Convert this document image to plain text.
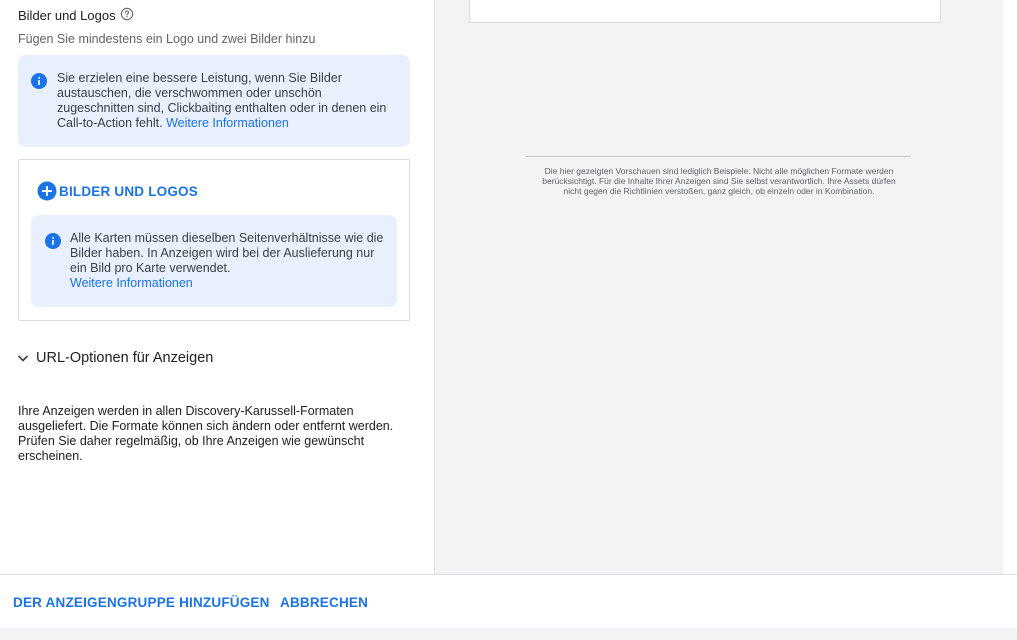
Bilder und Logos
Fügen Sie mindestens ein Logo und zwei Bilder hinzu
Sie erzielen eine bessere Leistung, wenn Sie Bilder austauschen, die verschwommen oder unschön zugeschnitten sind, Clickbaiting enthalten oder in denen ein Call-to-Action fehlt. Weitere Informationen
BILDER UND LOGOS
Alle Karten müssen dieselben Seitenverhältnisse wie die Bilder haben. In Anzeigen wird bei der Auslieferung nur ein Bild pro Karte verwendet.
Weitere Informationen
URL-Optionen für Anzeigen
Ihre Anzeigen werden in allen Discovery-Karussell-Formaten ausgeliefert. Die Formate können sich ändern oder entfernt werden. Prüfen Sie daher regelmäßig, ob Ihre Anzeigen wie gewünscht erscheinen.
Die hier gezeigten Vorschauen sind lediglich Beispiele. Nicht alle möglichen Formate werden berücksichtigt. Für die Inhalte Ihrer Anzeigen sind Sie selbst verantwortlich. Ihre Assets dürfen nicht gegen die Richtlinien verstoßen, ganz gleich, ob einzeln oder in Kombination.
DER ANZEIGENGRUPPE HINZUFÜGEN ABBRECHEN
